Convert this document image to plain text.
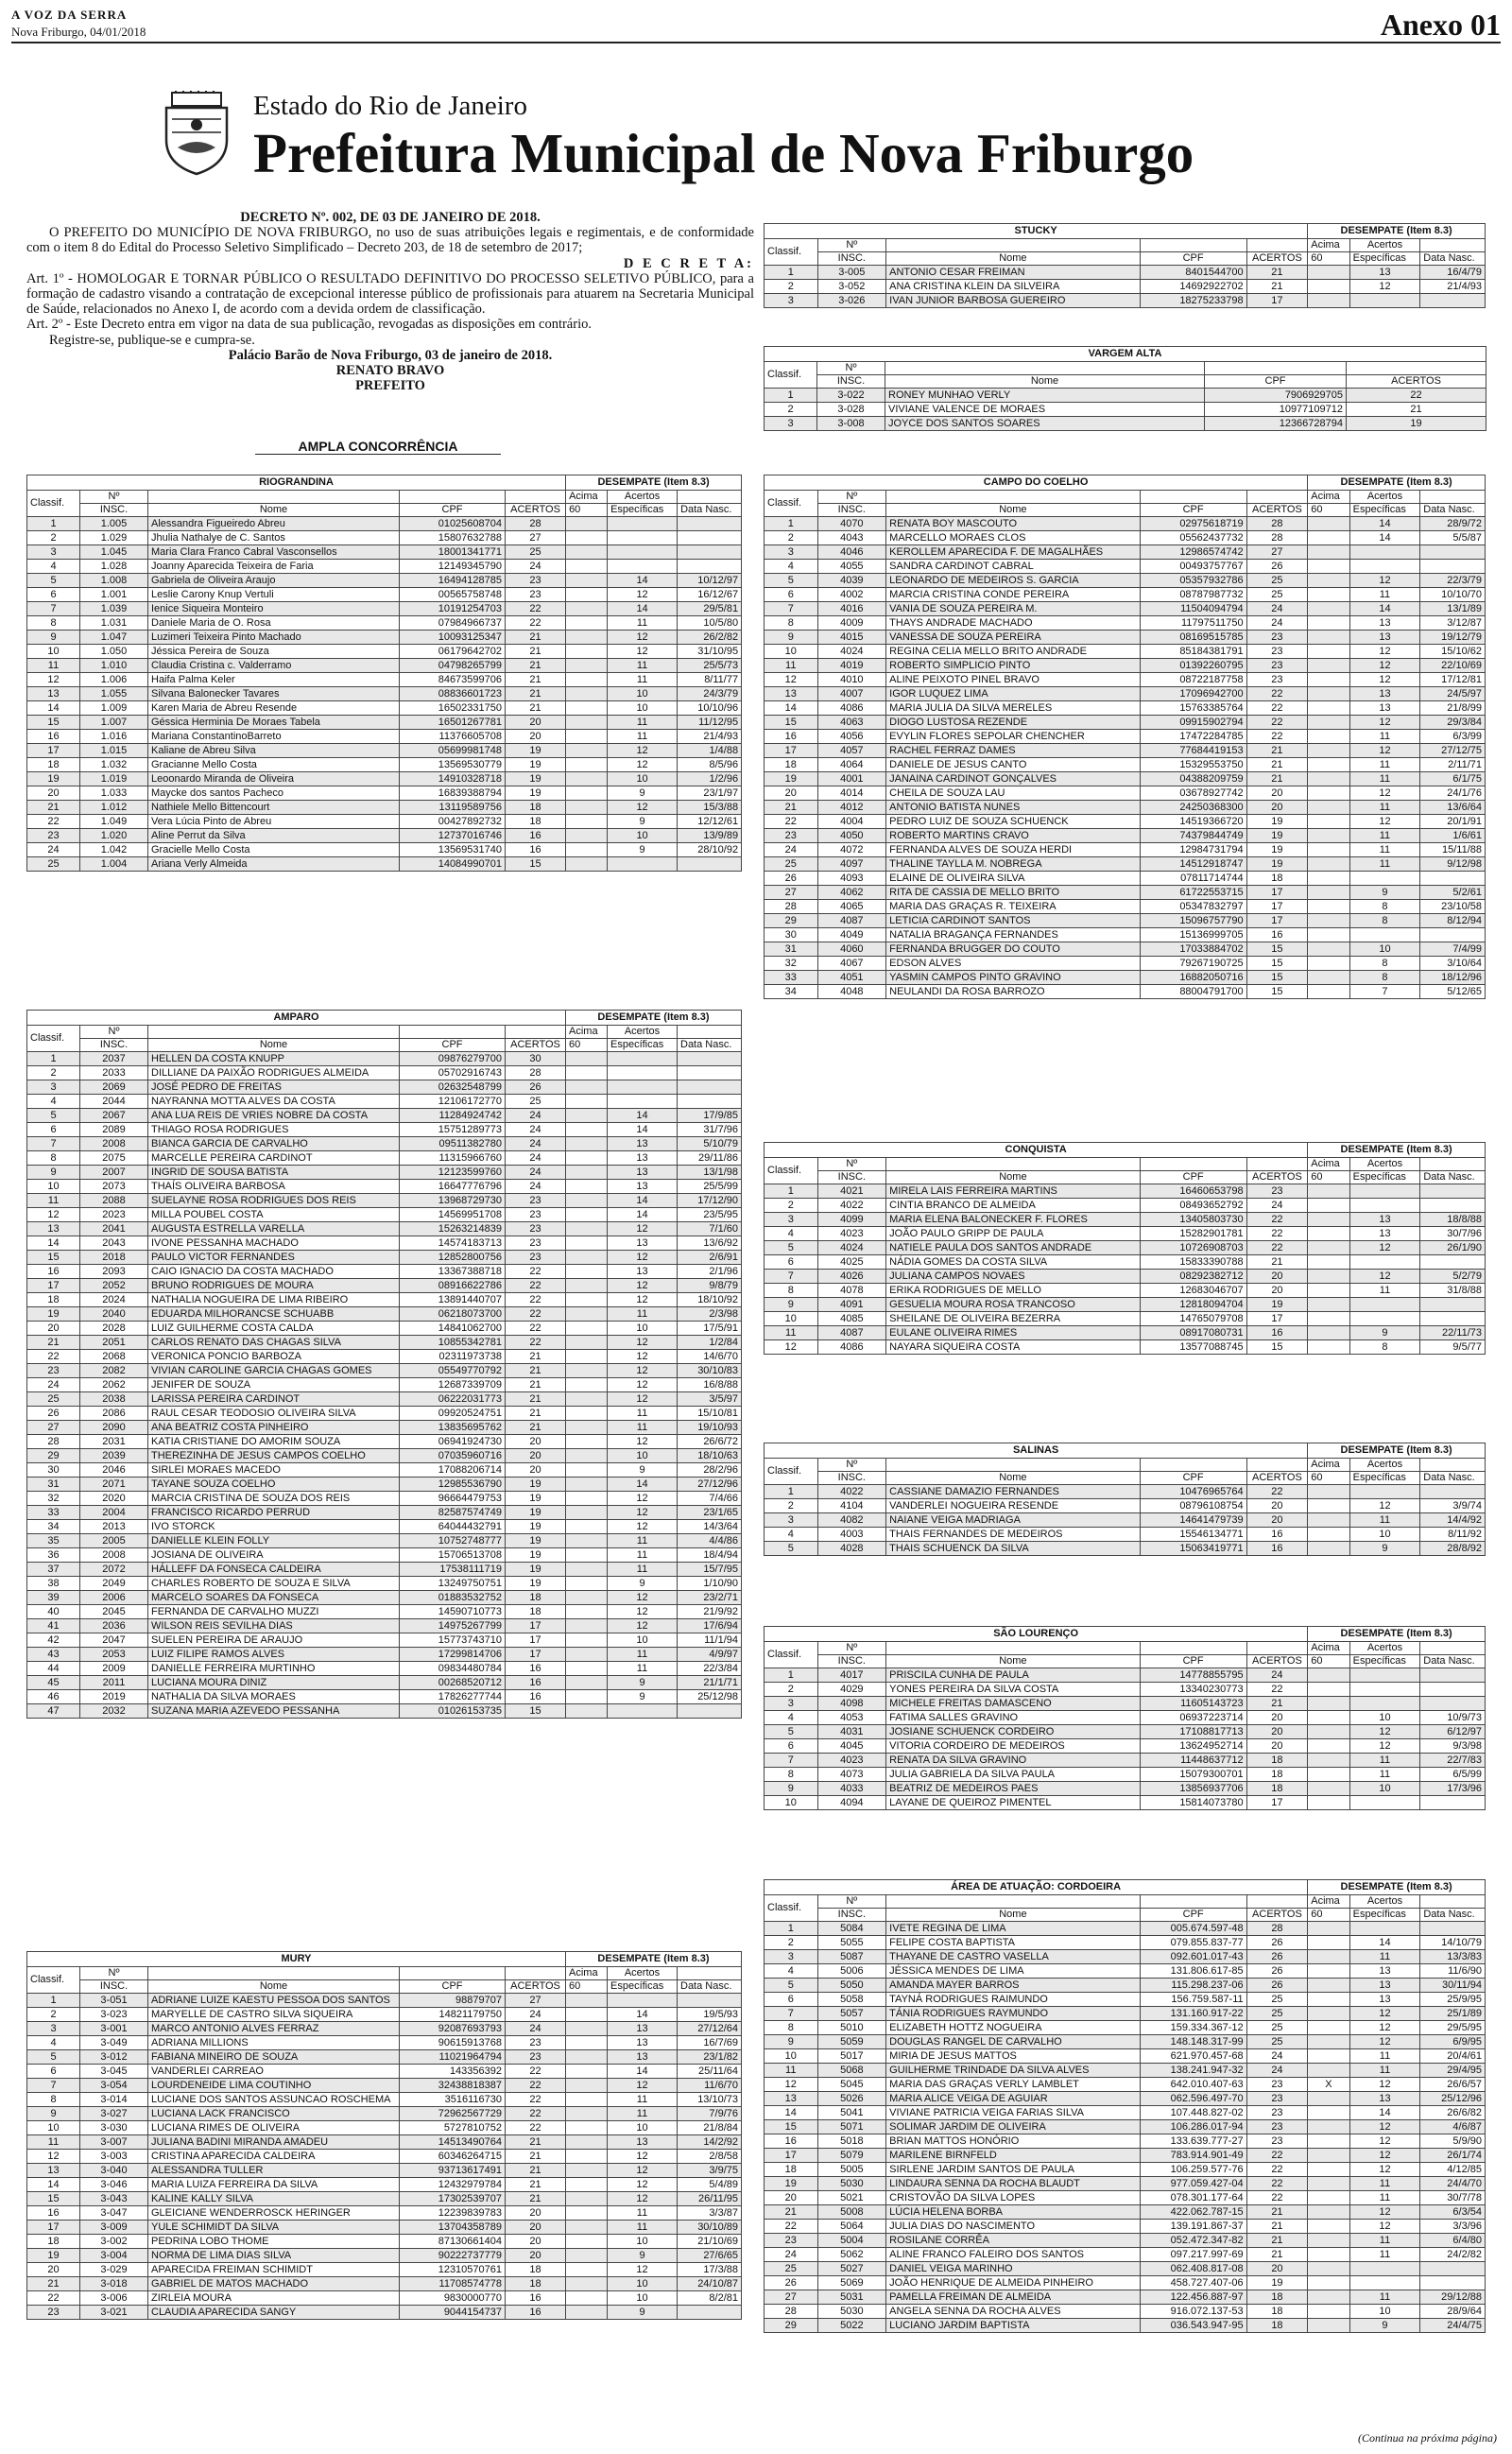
A VOZ DA SERRA
Nova Friburgo, 04/01/2018	Anexo 01
Estado do Rio de Janeiro
Prefeitura Municipal de Nova Friburgo

DECRETO Nº. 002, DE 03 DE JANEIRO DE 2018.

O PREFEITO DO MUNICÍPIO DE NOVA FRIBURGO, no uso de suas atribuições legais e regimentais, e de conformidade com o item 8 do Edital do Processo Seletivo Simplificado – Decreto 203, de 18 de setembro de 2017;

D E C R E T A:

Art. 1º - HOMOLOGAR E TORNAR PÚBLICO O RESULTADO DEFINITIVO DO PROCESSO SELETIVO PÚBLICO, para a formação de cadastro visando a contratação de excepcional interesse público de profissionais para atuarem na Secretaria Municipal de Saúde, relacionados no Anexo I, de acordo com a devida ordem de classificação.

Art. 2º - Este Decreto entra em vigor na data de sua publicação, revogadas as disposições em contrário.

Registre-se, publique-se e cumpra-se.

Palácio Barão de Nova Friburgo, 03 de janeiro de 2018.

RENATO BRAVO

PREFEITO

AMPLA CONCORRÊNCIA
RIOGRANDINA					DESEMPATE (Item 8.3)		
Classif.	Nº				Acima	Acertos	
	INSC.	Nome	CPF	ACERTOS	60	Específicas	Data Nasc.
1	1.005	Alessandra Figueiredo Abreu	01025608704	28			
2	1.029	Jhulia Nathalye de C. Santos	15807632788	27			
3	1.045	Maria Clara Franco Cabral Vasconsellos	18001341771	25			
4	1.028	Joanny Aparecida Teixeira de Faria	12149345790	24			
5	1.008	Gabriela de Oliveira Araujo	16494128785	23		14	10/12/97
6	1.001	Leslie Carony Knup Vertuli	00565758748	23		12	16/12/67
7	1.039	Ienice Siqueira Monteiro	10191254703	22		14	29/5/81
8	1.031	Daniele Maria de O. Rosa	07984966737	22		11	10/5/80
9	1.047	Luzimeri Teixeira Pinto Machado	10093125347	21		12	26/2/82
10	1.050	Jéssica Pereira de Souza	06179642702	21		12	31/10/95
11	1.010	Claudia Cristina c. Valderramo	04798265799	21		11	25/5/73
12	1.006	Haifa Palma Keler	84673599706	21		11	8/11/77
13	1.055	Silvana Balonecker Tavares	08836601723	21		10	24/3/79
14	1.009	Karen Maria de Abreu Resende	16502331750	21		10	10/10/96
15	1.007	Géssica Herminia De Moraes Tabela	16501267781	20		11	11/12/95
16	1.016	Mariana ConstantinoBarreto	11376605708	20		11	21/4/93
17	1.015	Kaliane de Abreu Silva	05699981748	19		12	1/4/88
18	1.032	Gracianne Mello Costa	13569530779	19		12	8/5/96
19	1.019	Leoonardo Miranda de Oliveira	14910328718	19		10	1/2/96
20	1.033	Maycke dos santos Pacheco	16839388794	19		9	23/1/97
21	1.012	Nathiele Mello Bittencourt	13119589756	18		12	15/3/88
22	1.049	Vera Lúcia Pinto de Abreu	00427892732	18		9	12/12/61
23	1.020	Aline Perrut da Silva	12737016746	16		10	13/9/89
24	1.042	Gracielle Mello Costa	13569531740	16		9	28/10/92
25	1.004	Ariana Verly Almeida	14084990701	15			
AMPARO					DESEMPATE (Item 8.3)		
Classif.	Nº				Acima	Acertos	
	INSC.	Nome	CPF	ACERTOS	60	Específicas	Data Nasc.
1	2037	HELLEN DA COSTA KNUPP	09876279700	30			
2	2033	DILLIANE DA PAIXÃO RODRIGUES ALMEIDA	05702916743	28			
3	2069	JOSÉ PEDRO DE FREITAS	02632548799	26			
4	2044	NAYRANNA MOTTA ALVES DA COSTA	12106172770	25			
5	2067	ANA LUA REIS DE VRIES NOBRE DA COSTA	11284924742	24		14	17/9/85
6	2089	THIAGO ROSA RODRIGUES	15751289773	24		14	31/7/96
7	2008	BIANCA GARCIA DE CARVALHO	09511382780	24		13	5/10/79
8	2075	MARCELLE PEREIRA CARDINOT	11315966760	24		13	29/11/86
9	2007	INGRID DE SOUSA BATISTA	12123599760	24		13	13/1/98
10	2073	THAÍS OLIVEIRA BARBOSA	16647776796	24		13	25/5/99
11	2088	SUELAYNE ROSA RODRIGUES DOS REIS	13968729730	23		14	17/12/90
12	2023	MILLA POUBEL COSTA	14569951708	23		14	23/5/95
13	2041	AUGUSTA ESTRELLA VARELLA	15263214839	23		12	7/1/60
14	2043	IVONE PESSANHA MACHADO	14574183713	23		13	13/6/92
15	2018	PAULO VICTOR FERNANDES	12852800756	23		12	2/6/91
16	2093	CAIO IGNACIO DA COSTA MACHADO	13367388718	22		13	2/1/96
17	2052	BRUNO RODRIGUES DE MOURA	08916622786	22		12	9/8/79
18	2024	NATHALIA NOGUEIRA DE LIMA RIBEIRO	13891440707	22		12	18/10/92
19	2040	EDUARDA MILHORANCSE SCHUABB	06218073700	22		11	2/3/98
20	2028	LUIZ GUILHERME COSTA CALDA	14841062700	22		10	17/5/91
21	2051	CARLOS RENATO DAS CHAGAS SILVA	10855342781	22		12	1/2/84
22	2068	VERONICA PONCIO BARBOZA	02311973738	21		12	14/6/70
23	2082	VIVIAN CAROLINE GARCIA CHAGAS GOMES	05549770792	21		12	30/10/83
24	2062	JENIFER DE SOUZA	12687339709	21		12	16/8/88
25	2038	LARISSA PEREIRA CARDINOT	06222031773	21		12	3/5/97
26	2086	RAUL CESAR TEODOSIO OLIVEIRA SILVA	09920524751	21		11	15/10/81
27	2090	ANA BEATRIZ COSTA PINHEIRO	13835695762	21		11	19/10/93
28	2031	KATIA CRISTIANE DO AMORIM SOUZA	06941924730	20		12	26/6/72
29	2039	THEREZINHA DE JESUS CAMPOS COELHO	07035960716	20		10	18/10/63
30	2046	SIRLEI MORAES MACEDO	17088206714	20		9	28/2/96
31	2071	TAYANE SOUZA COELHO	12985536790	19		14	27/12/96
32	2020	MARCIA CRISTINA DE SOUZA DOS REIS	96664479753	19		12	7/4/66
33	2004	FRANCISCO RICARDO PERRUD	82587574749	19		12	23/1/65
34	2013	IVO STORCK	64044432791	19		12	14/3/64
35	2005	DANIELLE KLEIN FOLLY	10752748777	19		11	4/4/86
36	2008	JOSIANA DE OLIVEIRA	15706513708	19		11	18/4/94
37	2072	HÁLLEFF DA FONSECA CALDEIRA	17538111719	19		11	15/7/95
38	2049	CHARLES ROBERTO DE SOUZA E SILVA	13249750751	19		9	1/10/90
39	2006	MARCELO SOARES DA FONSECA	01883532752	18		12	23/2/71
40	2045	FERNANDA DE CARVALHO MUZZI	14590710773	18		12	21/9/92
41	2036	WILSON REIS SEVILHA DIAS	14975267799	17		12	17/6/94
42	2047	SUELEN PEREIRA DE ARAUJO	15773743710	17		10	11/1/94
43	2053	LUIZ FILIPE RAMOS ALVES	17299814706	17		11	4/9/97
44	2009	DANIELLE FERREIRA MURTINHO	09834480784	16		11	22/3/84
45	2011	LUCIANA MOURA DINIZ	00268520712	16		9	21/1/71
46	2019	NATHALIA DA SILVA MORAES	17826277744	16		9	25/12/98
47	2032	SUZANA MARIA AZEVEDO PESSANHA	01026153735	15			
MURY					DESEMPATE (Item 8.3)		
Classif.	Nº				Acima	Acertos	
	INSC.	Nome	CPF	ACERTOS	60	Específicas	Data Nasc.
1	3-051	ADRIANE LUIZE KAESTU PESSOA DOS SANTOS	98879707	27			
2	3-023	MARYELLE DE CASTRO SILVA SIQUEIRA	14821179750	24		14	19/5/93
3	3-001	MARCO ANTONIO ALVES FERRAZ	92087693793	24		13	27/12/64
4	3-049	ADRIANA MILLIONS	90615913768	23		13	16/7/69
5	3-012	FABIANA MINEIRO DE SOUZA	11021964794	23		13	23/1/82
6	3-045	VANDERLEI CARREAO	143356392	22		14	25/11/64
7	3-054	LOURDENEIDE LIMA COUTINHO	32438818387	22		12	11/6/70
8	3-014	LUCIANE DOS SANTOS ASSUNCAO ROSCHEMA	3516116730	22		11	13/10/73
9	3-027	LUCIANA LACK FRANCISCO	72962567729	22		11	7/9/76
10	3-030	LUCIANA RIMES DE OLIVEIRA	5727810752	22		10	21/8/84
11	3-007	JULIANA BADINI MIRANDA AMADEU	14513490764	21		13	14/2/92
12	3-003	CRISTINA APARECIDA CALDEIRA	60346264715	21		12	2/8/58
13	3-040	ALESSANDRA TULLER	93713617491	21		12	3/9/75
14	3-046	MARIA LUIZA FERREIRA DA SILVA	12432979784	21		12	5/4/89
15	3-043	KALINE KALLY SILVA	17302539707	21		12	26/11/95
16	3-047	GLEICIANE WENDERROSCK HERINGER	12239839783	20		11	3/3/87
17	3-009	YULE SCHIMIDT DA SILVA	13704358789	20		11	30/10/89
18	3-002	PEDRINA LOBO THOME	87130661404	20		10	21/10/69
19	3-004	NORMA DE LIMA DIAS SILVA	90222737779	20		9	27/6/65
20	3-029	APARECIDA FREIMAN SCHIMIDT	12310570761	18		12	17/3/88
21	3-018	GABRIEL DE MATOS MACHADO	11708574778	18		10	24/10/87
22	3-006	ZIRLEIA MOURA	9830000770	16		10	8/2/81
23	3-021	CLAUDIA APARECIDA SANGY	9044154737	16		9	
STUCKY					DESEMPATE (Item 8.3)		
Classif.	Nº				Acima	Acertos	
	INSC.	Nome	CPF	ACERTOS	60	Específicas	Data Nasc.
1	3-005	ANTONIO CESAR FREIMAN	8401544700	21		13	16/4/79
2	3-052	ANA CRISTINA KLEIN DA SILVEIRA	14692922702	21		12	21/4/93
3	3-026	IVAN JUNIOR BARBOSA GUEREIRO	18275233798	17			
VARGEM ALTA				
Classif.	Nº			
	INSC.	Nome	CPF	ACERTOS
1	3-022	RONEY MUNHAO VERLY	7906929705	22
2	3-028	VIVIANE VALENCE DE MORAES	10977109712	21
3	3-008	JOYCE DOS SANTOS SOARES	12366728794	19
CAMPO DO COELHO					DESEMPATE (Item 8.3)		
Classif.	Nº				Acima	Acertos	
	INSC.	Nome	CPF	ACERTOS	60	Específicas	Data Nasc.
1	4070	RENATA BOY MASCOUTO	02975618719	28		14	28/9/72
2	4043	MARCELLO MORAES CLOS	05562437732	28		14	5/5/87
3	4046	KEROLLEM APARECIDA F. DE MAGALHÃES	12986574742	27			
4	4055	SANDRA CARDINOT CABRAL	00493757767	26			
5	4039	LEONARDO DE MEDEIROS S. GARCIA	05357932786	25		12	22/3/79
6	4002	MARCIA CRISTINA CONDE PEREIRA	08787987732	25		11	10/10/70
7	4016	VANIA DE SOUZA PEREIRA M.	11504094794	24		14	13/1/89
8	4009	THAYS ANDRADE MACHADO	11797511750	24		13	3/12/87
9	4015	VANESSA DE SOUZA PEREIRA	08169515785	23		13	19/12/79
10	4024	REGINA CELIA MELLO BRITO ANDRADE	85184381791	23		12	15/10/62
11	4019	ROBERTO SIMPLICIO PINTO	01392260795	23		12	22/10/69
12	4010	ALINE PEIXOTO PINEL BRAVO	08722187758	23		12	17/12/81
13	4007	IGOR LUQUEZ LIMA	17096942700	22		13	24/5/97
14	4086	MARIA JULIA DA SILVA MERELES	15763385764	22		13	21/8/99
15	4063	DIOGO LUSTOSA REZENDE	09915902794	22		12	29/3/84
16	4056	EVYLIN FLORES SEPOLAR CHENCHER	17472284785	22		11	6/3/99
17	4057	RACHEL FERRAZ DAMES	77684419153	21		12	27/12/75
18	4064	DANIELE DE JESUS CANTO	15329553750	21		11	2/11/71
19	4001	JANAINA CARDINOT GONÇALVES	04388209759	21		11	6/1/75
20	4014	CHEILA DE SOUZA LAU	03678927742	20		12	24/1/76
21	4012	ANTONIO BATISTA NUNES	24250368300	20		11	13/6/64
22	4004	PEDRO LUIZ DE SOUZA SCHUENCK	14519366720	19		12	20/1/91
23	4050	ROBERTO MARTINS CRAVO	74379844749	19		11	1/6/61
24	4072	FERNANDA ALVES DE SOUZA HERDI	12984731794	19		11	15/11/88
25	4097	THALINE TAYLLA M. NOBREGA	14512918747	19		11	9/12/98
26	4093	ELAINE DE OLIVEIRA SILVA	07811714744	18			
27	4062	RITA DE CASSIA DE MELLO BRITO	61722553715	17		9	5/2/61
28	4065	MARIA DAS GRAÇAS R. TEIXEIRA	05347832797	17		8	23/10/58
29	4087	LETICIA CARDINOT SANTOS	15096757790	17		8	8/12/94
30	4049	NATALIA BRAGANÇA FERNANDES	15136999705	16			
31	4060	FERNANDA BRUGGER DO COUTO	17033884702	15		10	7/4/99
32	4067	EDSON ALVES	79267190725	15		8	3/10/64
33	4051	YASMIN CAMPOS PINTO GRAVINO	16882050716	15		8	18/12/96
34	4048	NEULANDI DA ROSA BARROZO	88004791700	15		7	5/12/65
CONQUISTA					DESEMPATE (Item 8.3)		
Classif.	Nº				Acima	Acertos	
	INSC.	Nome	CPF	ACERTOS	60	Específicas	Data Nasc.
1	4021	MIRELA LAIS FERREIRA MARTINS	16460653798	23			
2	4022	CINTIA BRANCO DE ALMEIDA	08493652792	24			
3	4099	MARIA ELENA BALONECKER F. FLORES	13405803730	22		13	18/8/88
4	4023	JOÃO PAULO GRIPP DE PAULA	15282901781	22		13	30/7/96
5	4024	NATIELE PAULA DOS SANTOS ANDRADE	10726908703	22		12	26/1/90
6	4025	NÁDIA GOMES DA COSTA SILVA	15833390788	21			
7	4026	JULIANA CAMPOS NOVAES	08292382712	20		12	5/2/79
8	4078	ERIKA RODRIGUES DE MELLO	12683046707	20		11	31/8/88
9	4091	GESUELIA MOURA ROSA TRANCOSO	12818094704	19			
10	4085	SHEILANE DE OLIVEIRA BEZERRA	14765079708	17			
11	4087	EULANE OLIVEIRA RIMES	08917080731	16		9	22/11/73
12	4086	NAYARA SIQUEIRA COSTA	13577088745	15		8	9/5/77
SALINAS					DESEMPATE (Item 8.3)		
Classif.	Nº				Acima	Acertos	
	INSC.	Nome	CPF	ACERTOS	60	Específicas	Data Nasc.
1	4022	CASSIANE DAMAZIO FERNANDES	10476965764	22			
2	4104	VANDERLEI NOGUEIRA RESENDE	08796108754	20		12	3/9/74
3	4082	NAIANE VEIGA MADRIAGA	14641479739	20		11	14/4/92
4	4003	THAIS FERNANDES DE MEDEIROS	15546134771	16		10	8/11/92
5	4028	THAIS SCHUENCK DA SILVA	15063419771	16		9	28/8/92
SÃO LOURENÇO					DESEMPATE (Item 8.3)		
Classif.	Nº				Acima	Acertos	
	INSC.	Nome	CPF	ACERTOS	60	Específicas	Data Nasc.
1	4017	PRISCILA CUNHA DE PAULA	14778855795	24			
2	4029	YONES PEREIRA DA SILVA COSTA	13340230773	22			
3	4098	MICHELE FREITAS DAMASCENO	11605143723	21			
4	4053	FATIMA SALLES GRAVINO	06937223714	20		10	10/9/73
5	4031	JOSIANE SCHUENCK CORDEIRO	17108817713	20		12	6/12/97
6	4045	VITORIA CORDEIRO DE MEDEIROS	13624952714	20		12	9/3/98
7	4023	RENATA DA SILVA GRAVINO	11448637712	18		11	22/7/83
8	4073	JULIA GABRIELA DA SILVA PAULA	15079300701	18		11	6/5/99
9	4033	BEATRIZ DE MEDEIROS PAES	13856937706	18		10	17/3/96
10	4094	LAYANE DE QUEIROZ PIMENTEL	15814073780	17			
ÁREA DE ATUAÇÃO: CORDOEIRA					DESEMPATE (Item 8.3)		
Classif.	Nº				Acima	Acertos	
	INSC.	Nome	CPF	ACERTOS	60	Específicas	Data Nasc.
1	5084	IVETE REGINA DE LIMA	005.674.597-48	28			
2	5055	FELIPE COSTA BAPTISTA	079.855.837-77	26		14	14/10/79
3	5087	THAYANE DE CASTRO VASELLA	092.601.017-43	26		11	13/3/83
4	5006	JÉSSICA MENDES DE LIMA	131.806.617-85	26		13	11/6/90
5	5050	AMANDA MAYER BARROS	115.298.237-06	26		13	30/11/94
6	5058	TAYNÁ RODRIGUES RAIMUNDO	156.759.587-11	25		13	25/9/95
7	5057	TÁNIA RODRIGUES RAYMUNDO	131.160.917-22	25		12	25/1/89
8	5010	ELIZABETH HOTTZ NOGUEIRA	159.334.367-12	25		12	29/5/95
9	5059	DOUGLAS RANGEL DE CARVALHO	148.148.317-99	25		12	6/9/95
10	5017	MIRIA DE JESUS MATTOS	621.970.457-68	24		11	20/4/61
11	5068	GUILHERME TRINDADE DA SILVA ALVES	138.241.947-32	24		11	29/4/95
12	5045	MARIA DAS GRAÇAS VERLY LAMBLET	642.010.407-63	23	X	12	26/6/57
13	5026	MARIA ALICE VEIGA DE AGUIAR	062.596.497-70	23		13	25/12/96
14	5041	VIVIANE PATRICIA VEIGA FARIAS SILVA	107.448.827-02	23		14	26/6/82
15	5071	SOLIMAR JARDIM DE OLIVEIRA	106.286.017-94	23		12	4/6/87
16	5018	BRIAN MATTOS HONÓRIO	133.639.777-27	23		12	5/9/90
17	5079	MARILENE BIRNFELD	783.914.901-49	22		12	26/1/74
18	5005	SIRLENE JARDIM SANTOS DE PAULA	106.259.577-76	22		12	4/12/85
19	5030	LINDAURA SENNA DA ROCHA BLAUDT	977.059.427-04	22		11	24/4/70
20	5021	CRISTOVÃO DA SILVA LOPES	078.301.177-64	22		11	30/7/78
21	5008	LÚCIA HELENA BORBA	422.062.787-15	21		12	6/3/54
22	5064	JULIA DIAS DO NASCIMENTO	139.191.867-37	21		12	3/3/96
23	5004	ROSILANE CORRÊA	052.472.347-82	21		11	6/4/80
24	5062	ALINE FRANCO FALEIRO DOS SANTOS	097.217.997-69	21		11	24/2/82
25	5027	DANIEL VEIGA MARINHO	062.408.817-08	20			
26	5069	JOÃO HENRIQUE DE ALMEIDA PINHEIRO	458.727.407-06	19			
27	5031	PAMELLA FREIMAN DE ALMEIDA	122.456.887-97	18		11	29/12/88
28	5030	ANGELA SENNA DA ROCHA ALVES	916.072.137-53	18		10	28/9/64
29	5022	LUCIANO JARDIM BAPTISTA	036.543.947-95	18		9	24/4/75
(Continua na próxima página)
